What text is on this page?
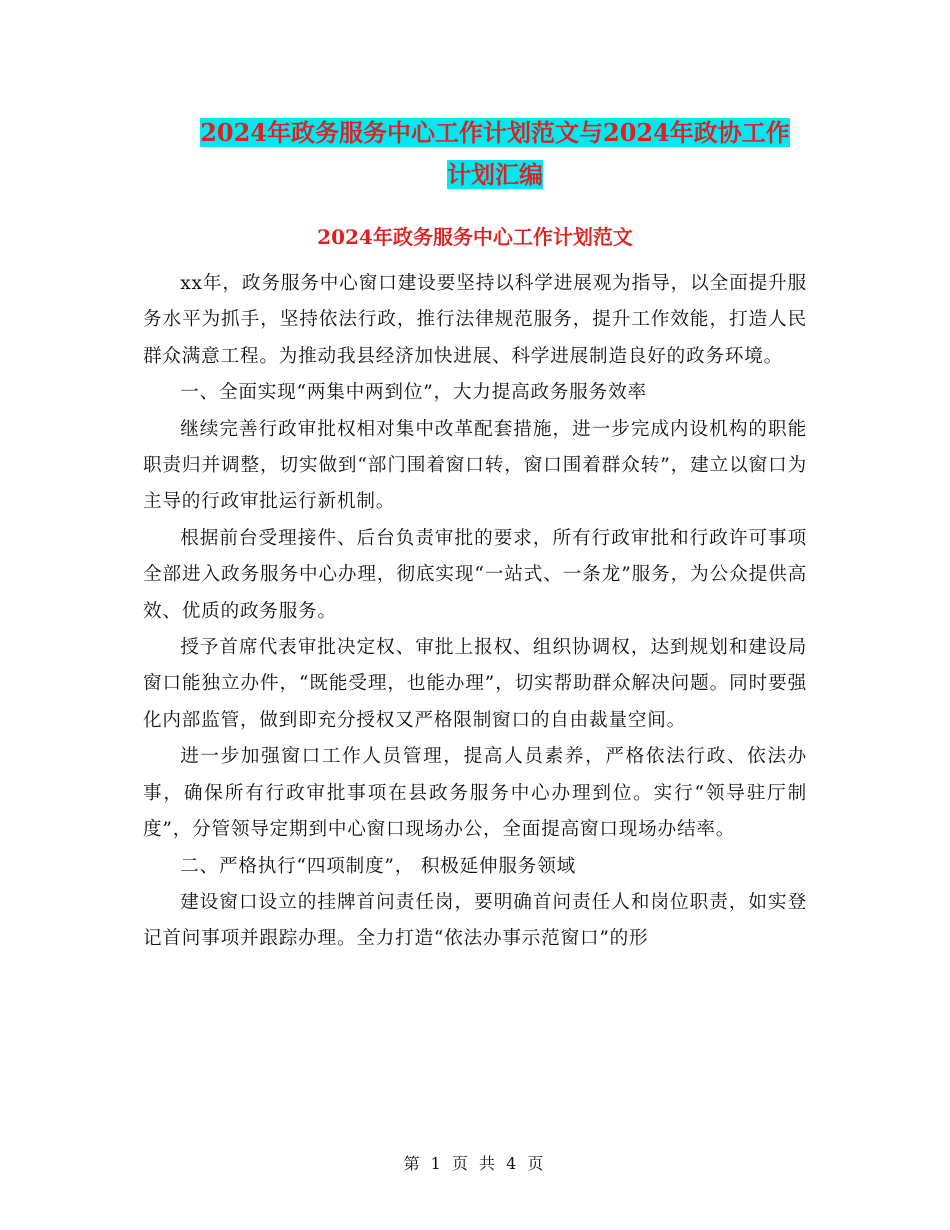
2024年政务服务中心工作计划范文与2024年政协工作
计划汇编
2024年政务服务中心工作计划范文

xx年，政务服务中心窗口建设要坚持以科学进展观为指导，以全面提升服务水平为抓手，坚持依法行政，推行法律规范服务，提升工作效能，打造人民群众满意工程。为推动我县经济加快进展、科学进展制造良好的政务环境。

一、全面实现“两集中两到位”，大力提高政务服务效率

继续完善行政审批权相对集中改革配套措施，进一步完成内设机构的职能职责归并调整，切实做到“部门围着窗口转，窗口围着群众转”，建立以窗口为主导的行政审批运行新机制。

根据前台受理接件、后台负责审批的要求，所有行政审批和行政许可事项全部进入政务服务中心办理，彻底实现“一站式、一条龙”服务，为公众提供高效、优质的政务服务。

授予首席代表审批决定权、审批上报权、组织协调权，达到规划和建设局窗口能独立办件，“既能受理，也能办理”，切实帮助群众解决问题。同时要强化内部监管，做到即充分授权又严格限制窗口的自由裁量空间。

进一步加强窗口工作人员管理，提高人员素养，严格依法行政、依法办事，确保所有行政审批事项在县政务服务中心办理到位。实行“领导驻厅制度”，分管领导定期到中心窗口现场办公，全面提高窗口现场办结率。

二、严格执行“四项制度”， 积极延伸服务领域

建设窗口设立的挂牌首问责任岗，要明确首问责任人和岗位职责，如实登记首问事项并跟踪办理。全力打造“依法办事示范窗口”的形

第 1 页 共 4 页
